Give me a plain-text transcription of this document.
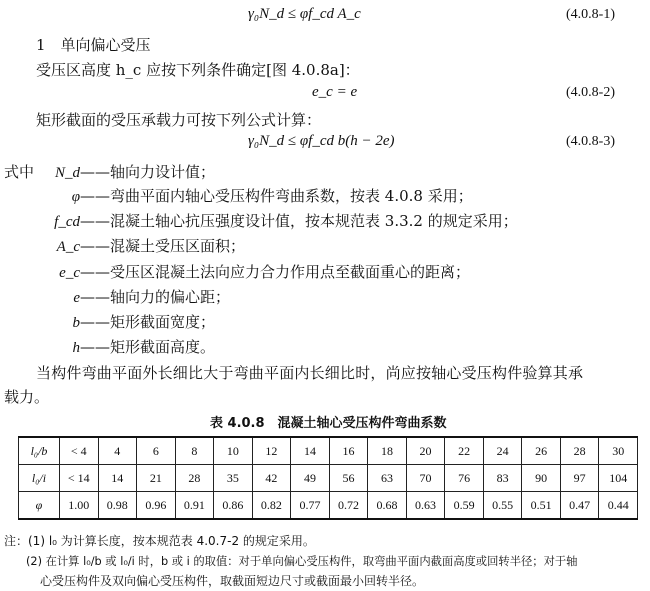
γ₀N_d ≤ φf_cd A_c	(4.0.8-1)
1　单向偏心受压
受压区高度 h_c 应按下列条件确定[图 4.0.8a]：
e_c = e	(4.0.8-2)
矩形截面的受压承载力可按下列公式计算：
γ₀N_d ≤ φf_cd b(h − 2e)	(4.0.8-3)
式中	N_d——轴向力设计值；
φ——弯曲平面内轴心受压构件弯曲系数，按表 4.0.8 采用；
f_cd——混凝土轴心抗压强度设计值，按本规范表 3.3.2 的规定采用；
A_c——混凝土受压区面积；
e_c——受压区混凝土法向应力合力作用点至截面重心的距离；
e——轴向力的偏心距；
b——矩形截面宽度；
h——矩形截面高度。
当构件弯曲平面外长细比大于弯曲平面内长细比时，尚应按轴心受压构件验算其承
载力。
表 4.0.8　混凝土轴心受压构件弯曲系数
l₀/b	< 4	4	6	8	10	12	14	16	18	20	22	24	26	28	30
l₀/i	< 14	14	21	28	35	42	49	56	63	70	76	83	90	97	104
φ	1.00	0.98	0.96	0.91	0.86	0.82	0.77	0.72	0.68	0.63	0.59	0.55	0.51	0.47	0.44
注：(1) l₀ 为计算长度，按本规范表 4.0.7-2 的规定采用。
(2) 在计算 l₀/b 或 l₀/i 时，b 或 i 的取值：对于单向偏心受压构件，取弯曲平面内截面高度或回转半径；对于轴
心受压构件及双向偏心受压构件，取截面短边尺寸或截面最小回转半径。
